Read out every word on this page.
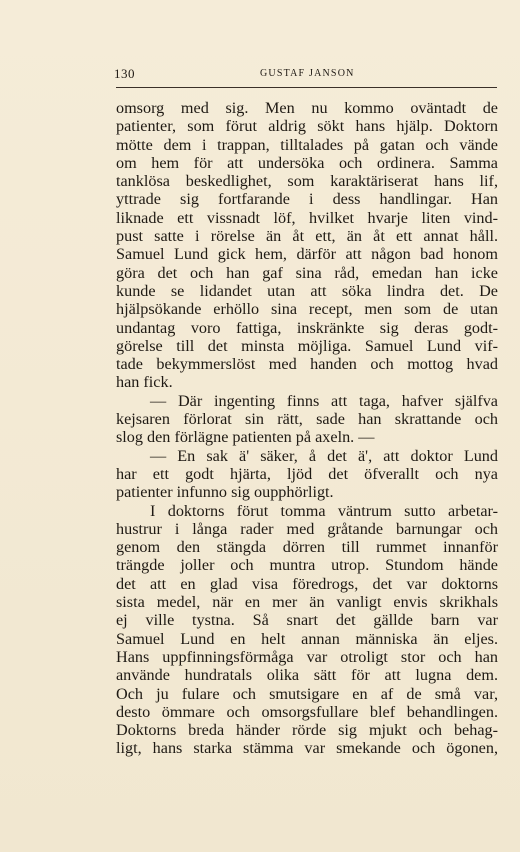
130	GUSTAF JANSON
omsorg med sig. Men nu kommo oväntadt de
patienter, som förut aldrig sökt hans hjälp. Doktorn
mötte dem i trappan, tilltalades på gatan och vände
om hem för att undersöka och ordinera. Samma
tanklösa beskedlighet, som karaktäriserat hans lif,
yttrade sig fortfarande i dess handlingar. Han
liknade ett vissnadt löf, hvilket hvarje liten vind-
pust satte i rörelse än åt ett, än åt ett annat håll.
Samuel Lund gick hem, därför att någon bad honom
göra det och han gaf sina råd, emedan han icke
kunde se lidandet utan att söka lindra det. De
hjälpsökande erhöllo sina recept, men som de utan
undantag voro fattiga, inskränkte sig deras godt-
görelse till det minsta möjliga. Samuel Lund vif-
tade bekymmerslöst med handen och mottog hvad
han fick.
— Där ingenting finns att taga, hafver själfva
kejsaren förlorat sin rätt, sade han skrattande och
slog den förlägne patienten på axeln. —
— En sak ä' säker, å det ä', att doktor Lund
har ett godt hjärta, ljöd det öfverallt och nya
patienter infunno sig oupphörligt.
I doktorns förut tomma väntrum sutto arbetar-
hustrur i långa rader med gråtande barnungar och
genom den stängda dörren till rummet innanför
trängde joller och muntra utrop. Stundom hände
det att en glad visa föredrogs, det var doktorns
sista medel, när en mer än vanligt envis skrikhals
ej ville tystna. Så snart det gällde barn var
Samuel Lund en helt annan människa än eljes.
Hans uppfinningsförmåga var otroligt stor och han
använde hundratals olika sätt för att lugna dem.
Och ju fulare och smutsigare en af de små var,
desto ömmare och omsorgsfullare blef behandlingen.
Doktorns breda händer rörde sig mjukt och behag-
ligt, hans starka stämma var smekande och ögonen,
